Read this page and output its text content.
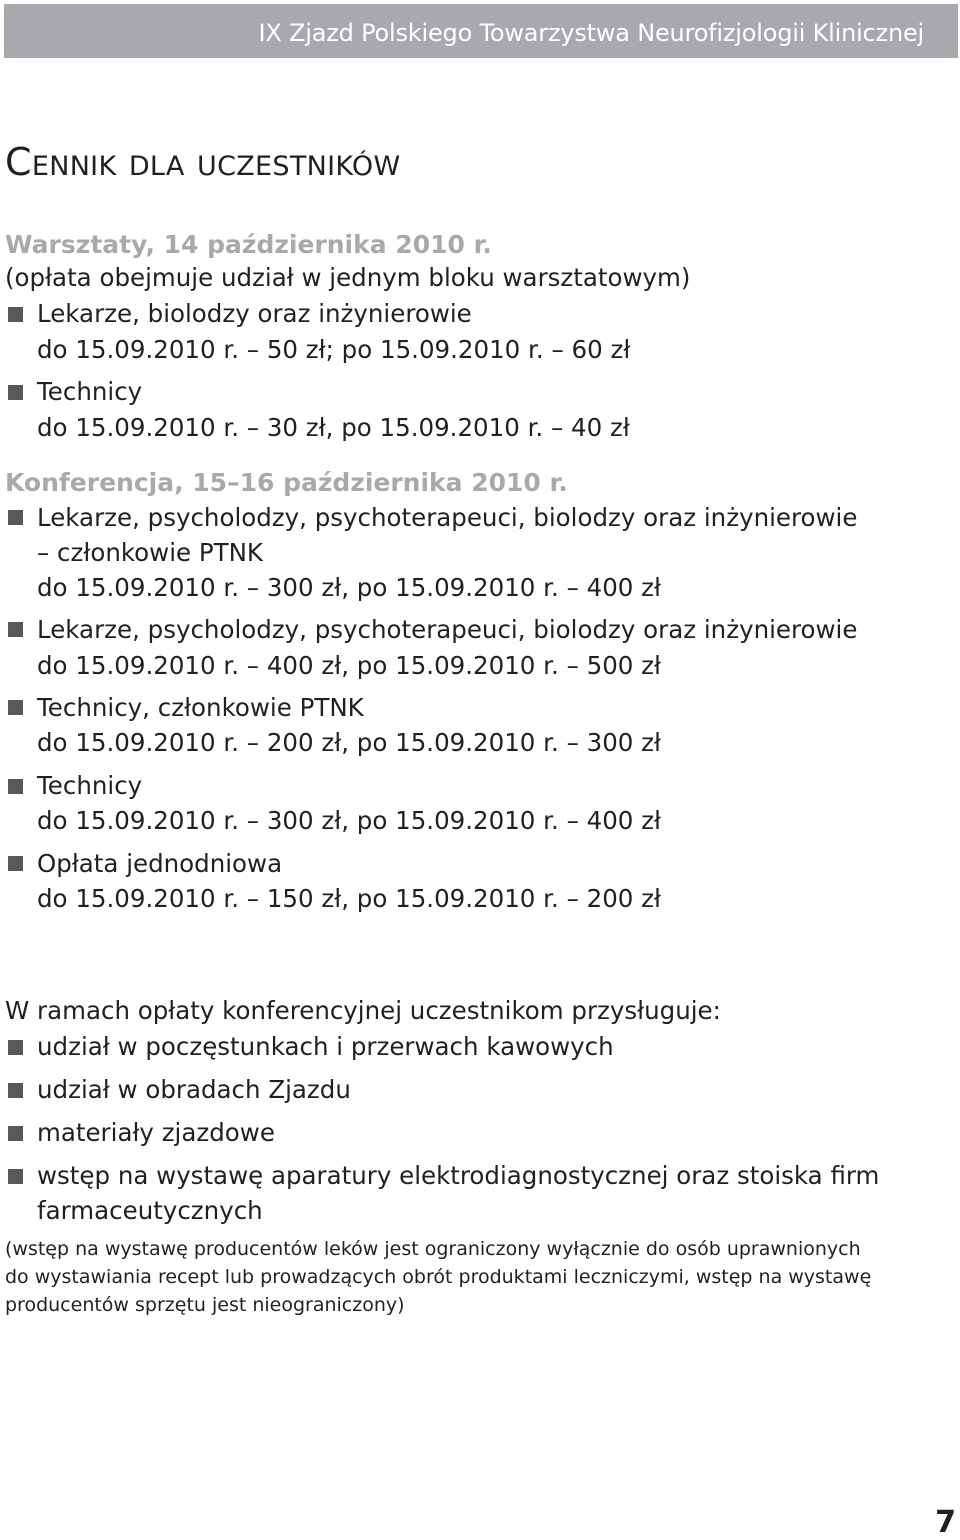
IX Zjazd Polskiego Towarzystwa Neurofizjologii Klinicznej
Cennik dla uczestników
Warsztaty, 14 października 2010 r.
(opłata obejmuje udział w jednym bloku warsztatowym)
Lekarze, biolodzy oraz inżynierowie
do 15.09.2010 r. – 50 zł; po 15.09.2010 r. – 60 zł
Technicy
do 15.09.2010 r. – 30 zł, po 15.09.2010 r. – 40 zł
Konferencja, 15–16 października 2010 r.
Lekarze, psycholodzy, psychoterapeuci, biolodzy oraz inżynierowie
– członkowie PTNK
do 15.09.2010 r. – 300 zł, po 15.09.2010 r. – 400 zł
Lekarze, psycholodzy, psychoterapeuci, biolodzy oraz inżynierowie
do 15.09.2010 r. – 400 zł, po 15.09.2010 r. – 500 zł
Technicy, członkowie PTNK
do 15.09.2010 r. – 200 zł, po 15.09.2010 r. – 300 zł
Technicy
do 15.09.2010 r. – 300 zł, po 15.09.2010 r. – 400 zł
Opłata jednodniowa
do 15.09.2010 r. – 150 zł, po 15.09.2010 r. – 200 zł
W ramach opłaty konferencyjnej uczestnikom przysługuje:
udział w poczęstunkach i przerwach kawowych
udział w obradach Zjazdu
materiały zjazdowe
wstęp na wystawę aparatury elektrodiagnostycznej oraz stoiska firm
farmaceutycznych
(wstęp na wystawę producentów leków jest ograniczony wyłącznie do osób uprawnionych
do wystawiania recept lub prowadzących obrót produktami leczniczymi, wstęp na wystawę
producentów sprzętu jest nieograniczony)
7
